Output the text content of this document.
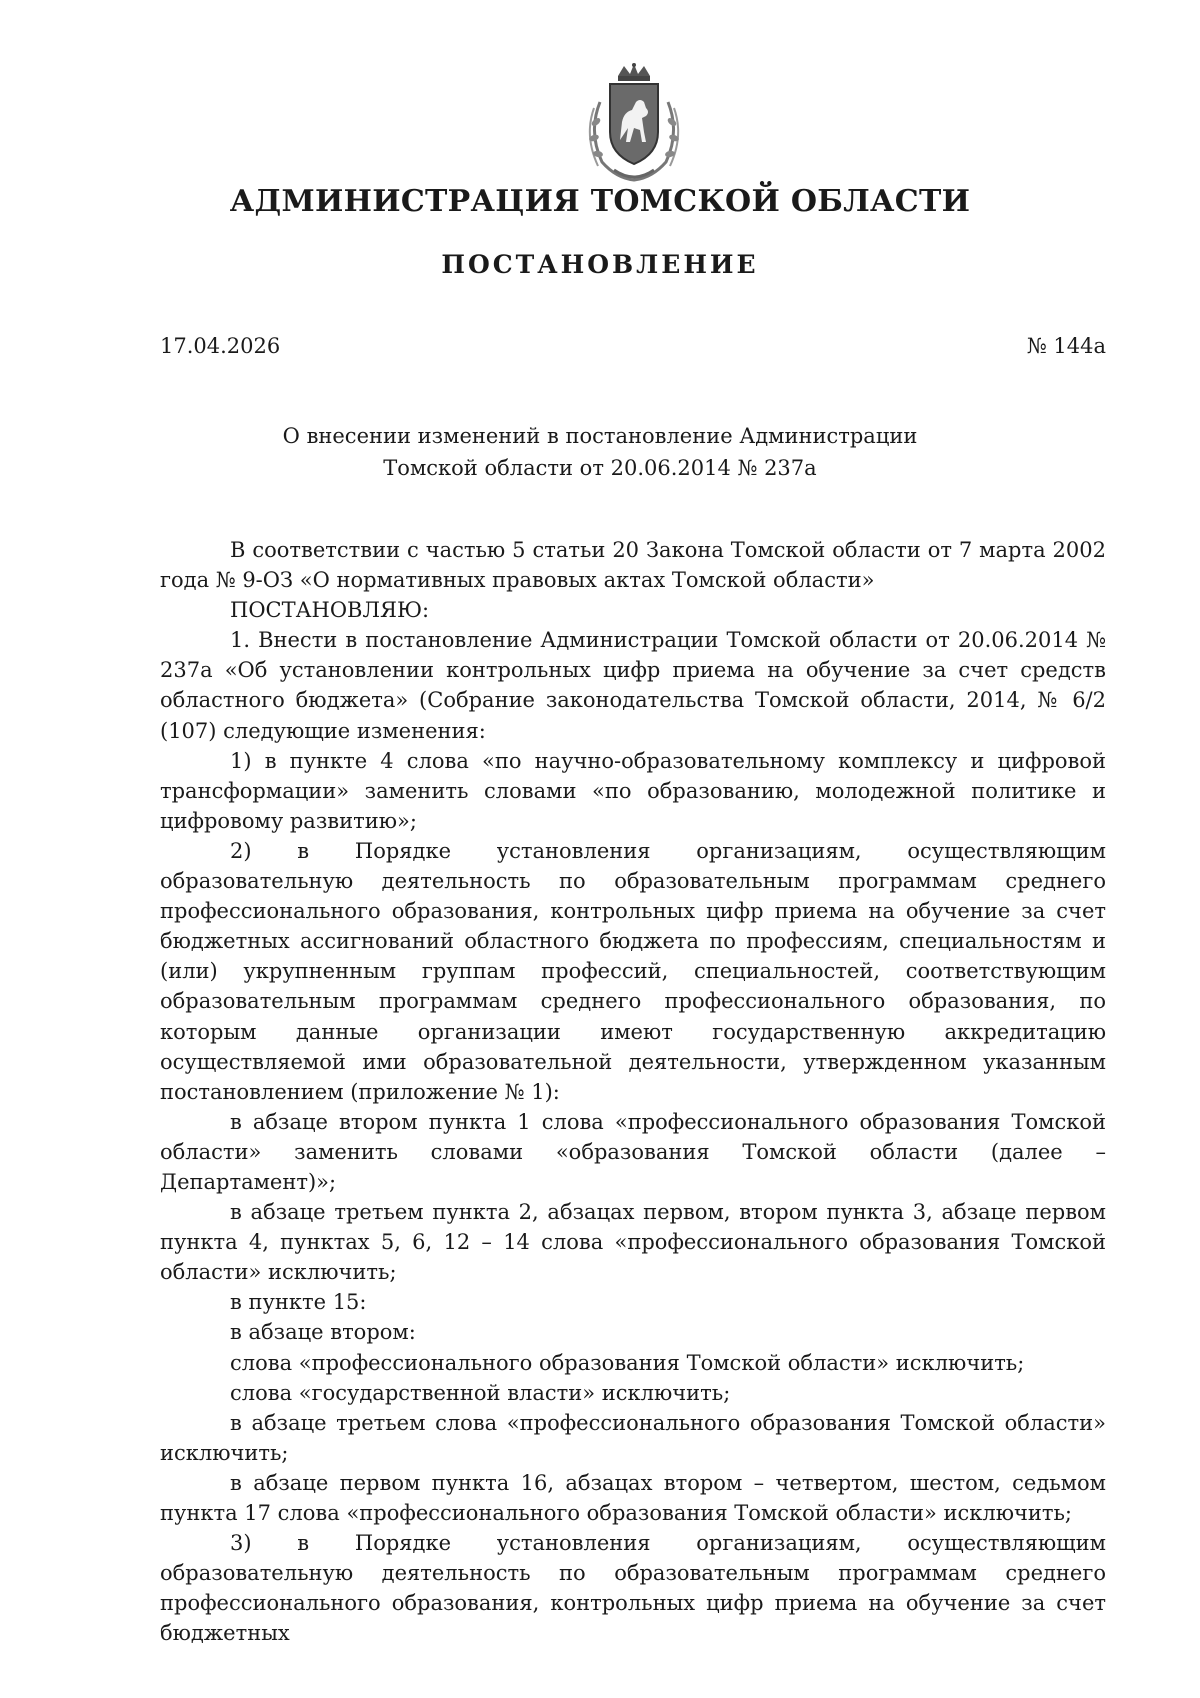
АДМИНИСТРАЦИЯ ТОМСКОЙ ОБЛАСТИ
ПОСТАНОВЛЕНИЕ
17.04.2026	№ 144а
О внесении изменений в постановление Администрации
Томской области от 20.06.2014 № 237а

В соответствии с частью 5 статьи 20 Закона Томской области от 7 марта 2002 года № 9-ОЗ «О нормативных правовых актах Томской области»

ПОСТАНОВЛЯЮ:

1. Внести в постановление Администрации Томской области от 20.06.2014 № 237а «Об установлении контрольных цифр приема на обучение за счет средств областного бюджета» (Собрание законодательства Томской области, 2014, № 6/2 (107) следующие изменения:

1) в пункте 4 слова «по научно-образовательному комплексу и цифровой трансформации» заменить словами «по образованию, молодежной политике и цифровому развитию»;

2) в Порядке установления организациям, осуществляющим образовательную деятельность по образовательным программам среднего профессионального образования, контрольных цифр приема на обучение за счет бюджетных ассигнований областного бюджета по профессиям, специальностям и (или) укрупненным группам профессий, специальностей, соответствующим образовательным программам среднего профессионального образования, по которым данные организации имеют государственную аккредитацию осуществляемой ими образовательной деятельности, утвержденном указанным постановлением (приложение № 1):

в абзаце втором пункта 1 слова «профессионального образования Томской области» заменить словами «образования Томской области (далее – Департамент)»;

в абзаце третьем пункта 2, абзацах первом, втором пункта 3, абзаце первом пункта 4, пунктах 5, 6, 12 – 14 слова «профессионального образования Томской области» исключить;

в пункте 15:

в абзаце втором:

слова «профессионального образования Томской области» исключить;

слова «государственной власти» исключить;

в абзаце третьем слова «профессионального образования Томской области» исключить;

в абзаце первом пункта 16, абзацах втором – четвертом, шестом, седьмом пункта 17 слова «профессионального образования Томской области» исключить;

3) в Порядке установления организациям, осуществляющим образовательную деятельность по образовательным программам среднего профессионального образования, контрольных цифр приема на обучение за счет бюджетных
